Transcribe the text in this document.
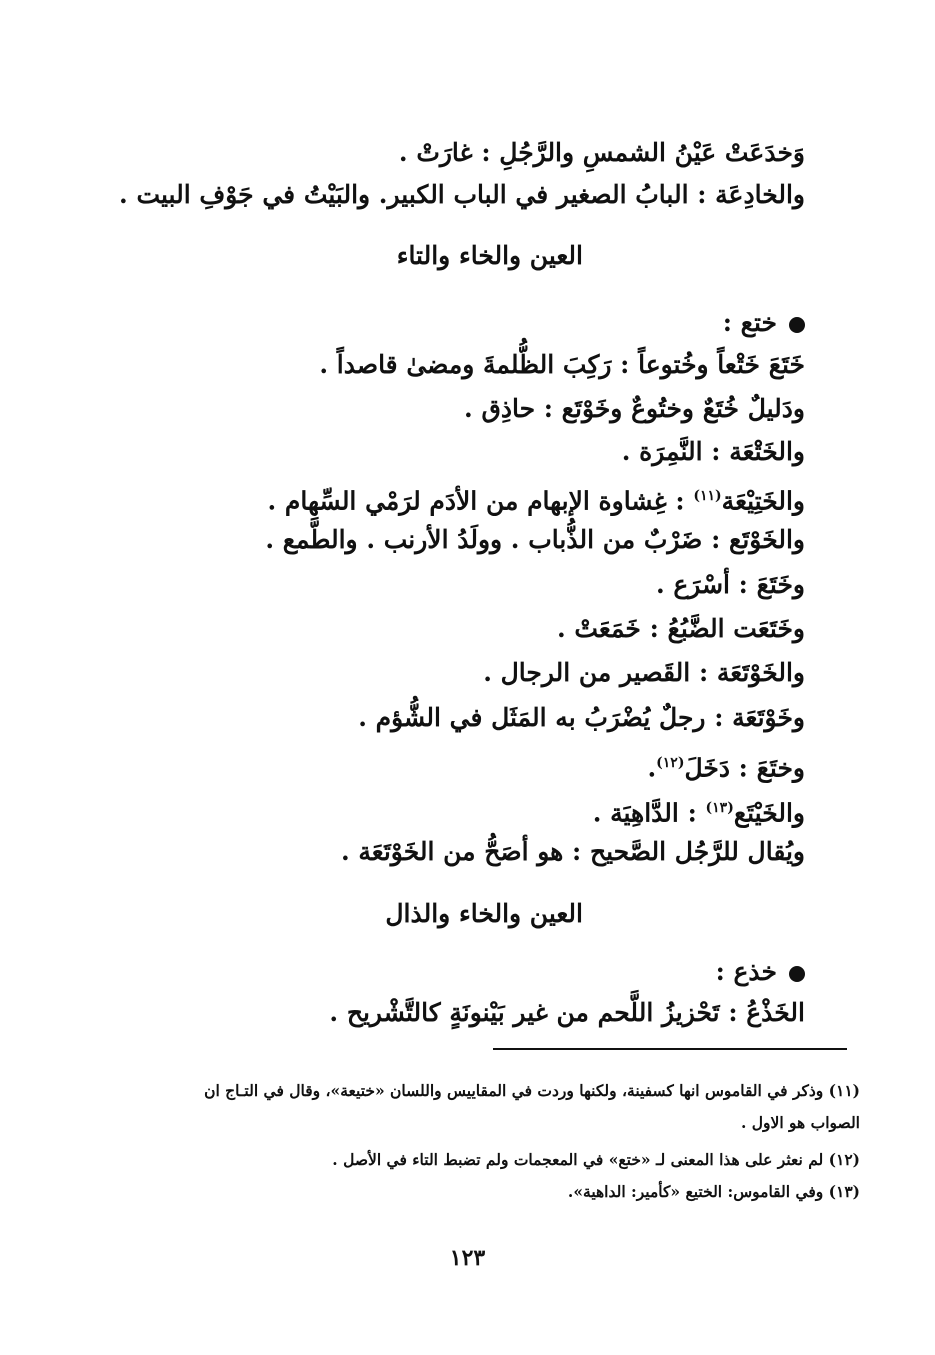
وَخدَعَتْ عَيْنُ الشمسِ والرَّجُلِ : غارَتْ .
والخادِعَة : البابُ الصغير في الباب الكبير. والبَيْتُ في جَوْفِ البيت .
العين والخاء والتاء
ختع :
خَتَعَ خَتْعاً وخُتوعاً : رَكِبَ الظُّلمةَ ومضىٰ قاصداً .
ودَليلٌ خُتَعٌ وختُوعٌ وخَوْتَع : حاذِق .
والخَتْعَة : النَّمِرَة .
والخَتِيْعَة$^{(١١)}$ : غِشاوة الإبهام من الأدَم لرَمْي السِّهام .
والخَوْتَع : ضَرْبٌ من الذُّباب . وولَدُ الأرنب . والطَّمع .
وخَتَعَ : أسْرَع .
وخَتَعَت الضَّبُعُ : خَمَعَتْ .
والخَوْتَعَة : القَصير من الرجال .
وخَوْتَعَة : رجلٌ يُضْرَبُ به المَثَل في الشُّؤم .
وختَعَ : دَخَلَ$^{(١٢)}$.
والخَيْتَع$^{(١٣)}$ : الدَّاهِيَة .
ويُقال للرَّجُل الصَّحيح : هو أصَحُّ من الخَوْتَعَة .
العين والخاء والذال
خذع :
الخَذْعُ : تَحْزيزُ اللَّحم من غير بَيْنونَةٍ كالتَّشْريح .
(١١) وذكر في القاموس انها كسفينة، ولكنها وردت في المقاييس واللسان «ختيعة»، وقال في التـاج ان
الصواب هو الاول .
(١٢) لم نعثر على هذا المعنى لـ «ختع» في المعجمات ولم تضبط التاء في الأصل .
(١٣) وفي القاموس: الختيع «كأمير: الداهية».
١٢٣
